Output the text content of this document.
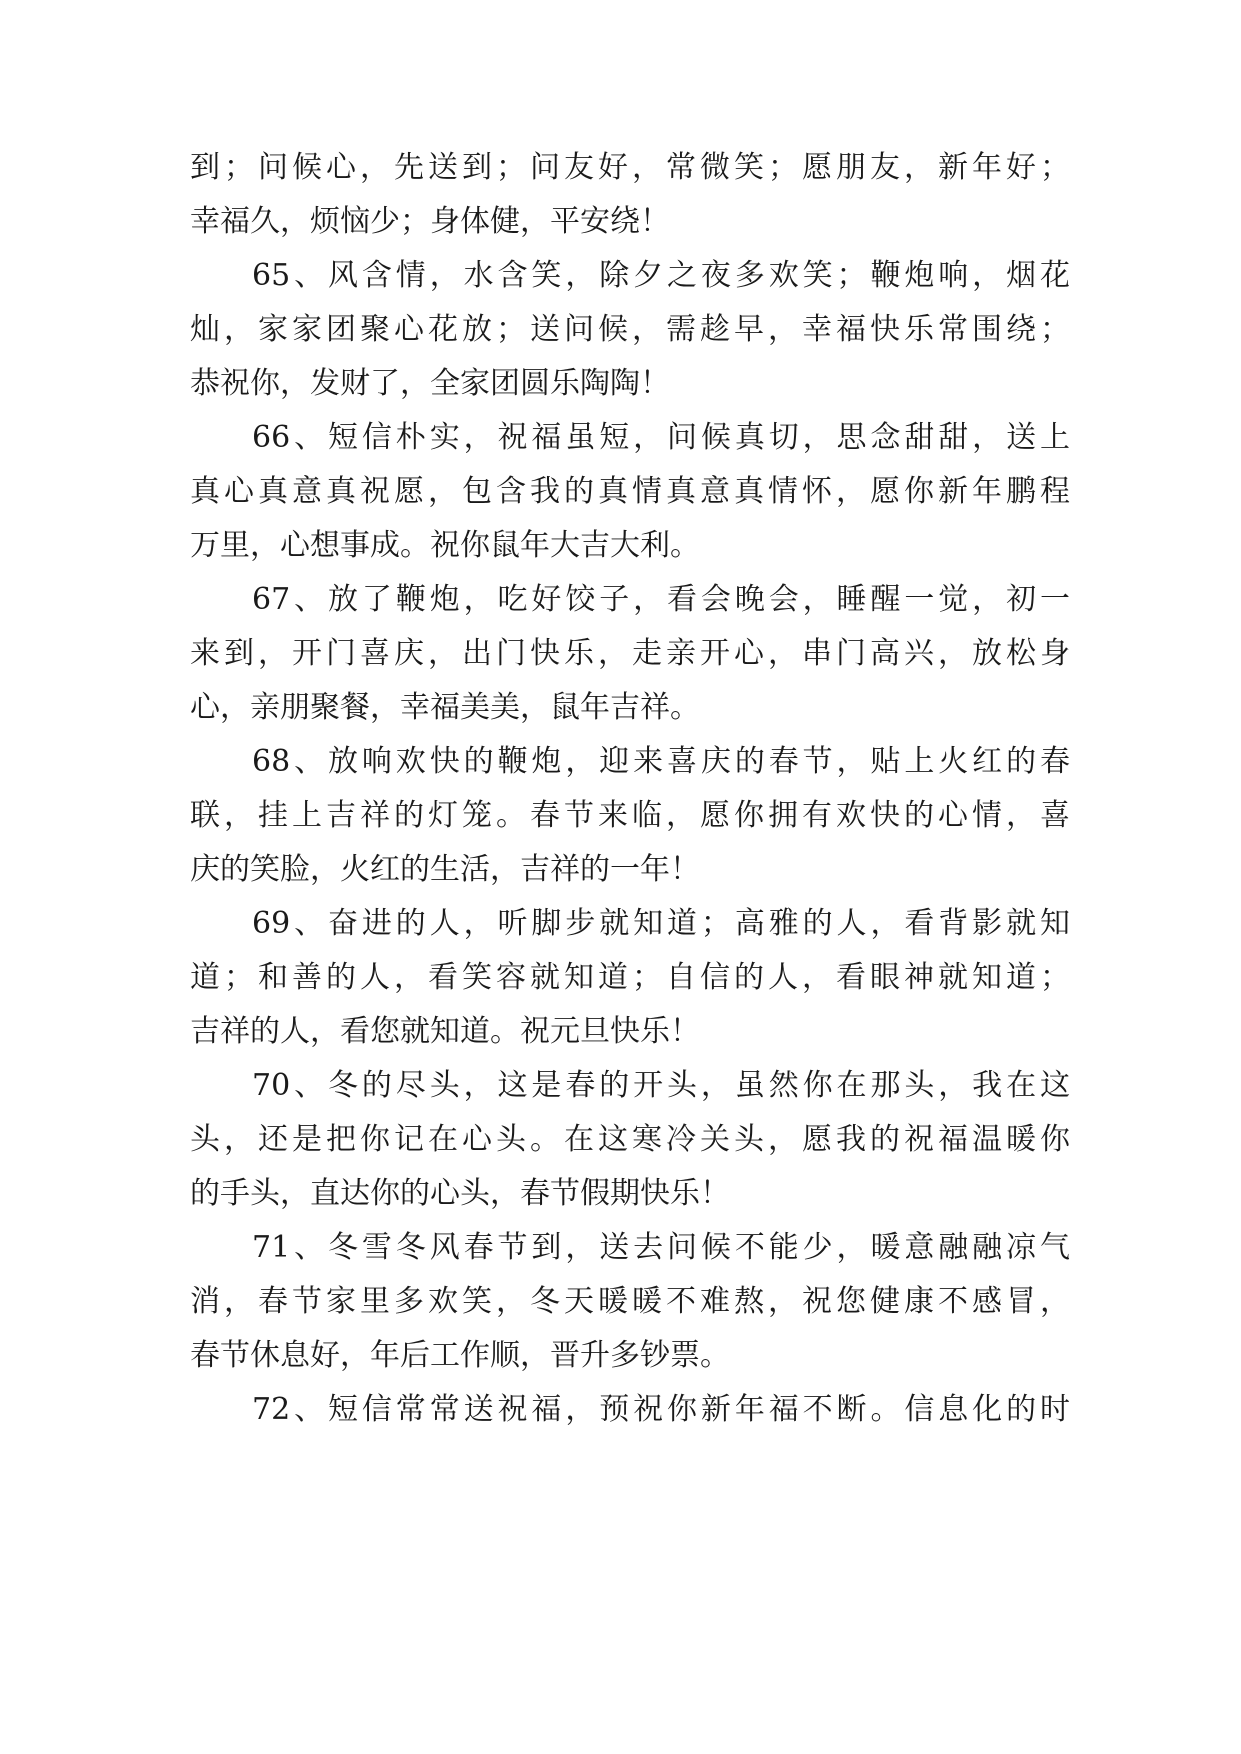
到；问候心，先送到；问友好，常微笑；愿朋友，新年好；
幸福久，烦恼少；身体健，平安绕！
65、风含情，水含笑，除夕之夜多欢笑；鞭炮响，烟花
灿，家家团聚心花放；送问候，需趁早，幸福快乐常围绕；
恭祝你，发财了，全家团圆乐陶陶！
66、短信朴实，祝福虽短，问候真切，思念甜甜，送上
真心真意真祝愿，包含我的真情真意真情怀，愿你新年鹏程
万里，心想事成。祝你鼠年大吉大利。
67、放了鞭炮，吃好饺子，看会晚会，睡醒一觉，初一
来到，开门喜庆，出门快乐，走亲开心，串门高兴，放松身
心，亲朋聚餐，幸福美美，鼠年吉祥。
68、放响欢快的鞭炮，迎来喜庆的春节，贴上火红的春
联，挂上吉祥的灯笼。春节来临，愿你拥有欢快的心情，喜
庆的笑脸，火红的生活，吉祥的一年！
69、奋进的人，听脚步就知道；高雅的人，看背影就知
道；和善的人，看笑容就知道；自信的人，看眼神就知道；
吉祥的人，看您就知道。祝元旦快乐！
70、冬的尽头，这是春的开头，虽然你在那头，我在这
头，还是把你记在心头。在这寒冷关头，愿我的祝福温暖你
的手头，直达你的心头，春节假期快乐！
71、冬雪冬风春节到，送去问候不能少，暖意融融凉气
消，春节家里多欢笑，冬天暖暖不难熬，祝您健康不感冒，
春节休息好，年后工作顺，晋升多钞票。
72、短信常常送祝福，预祝你新年福不断。信息化的时
